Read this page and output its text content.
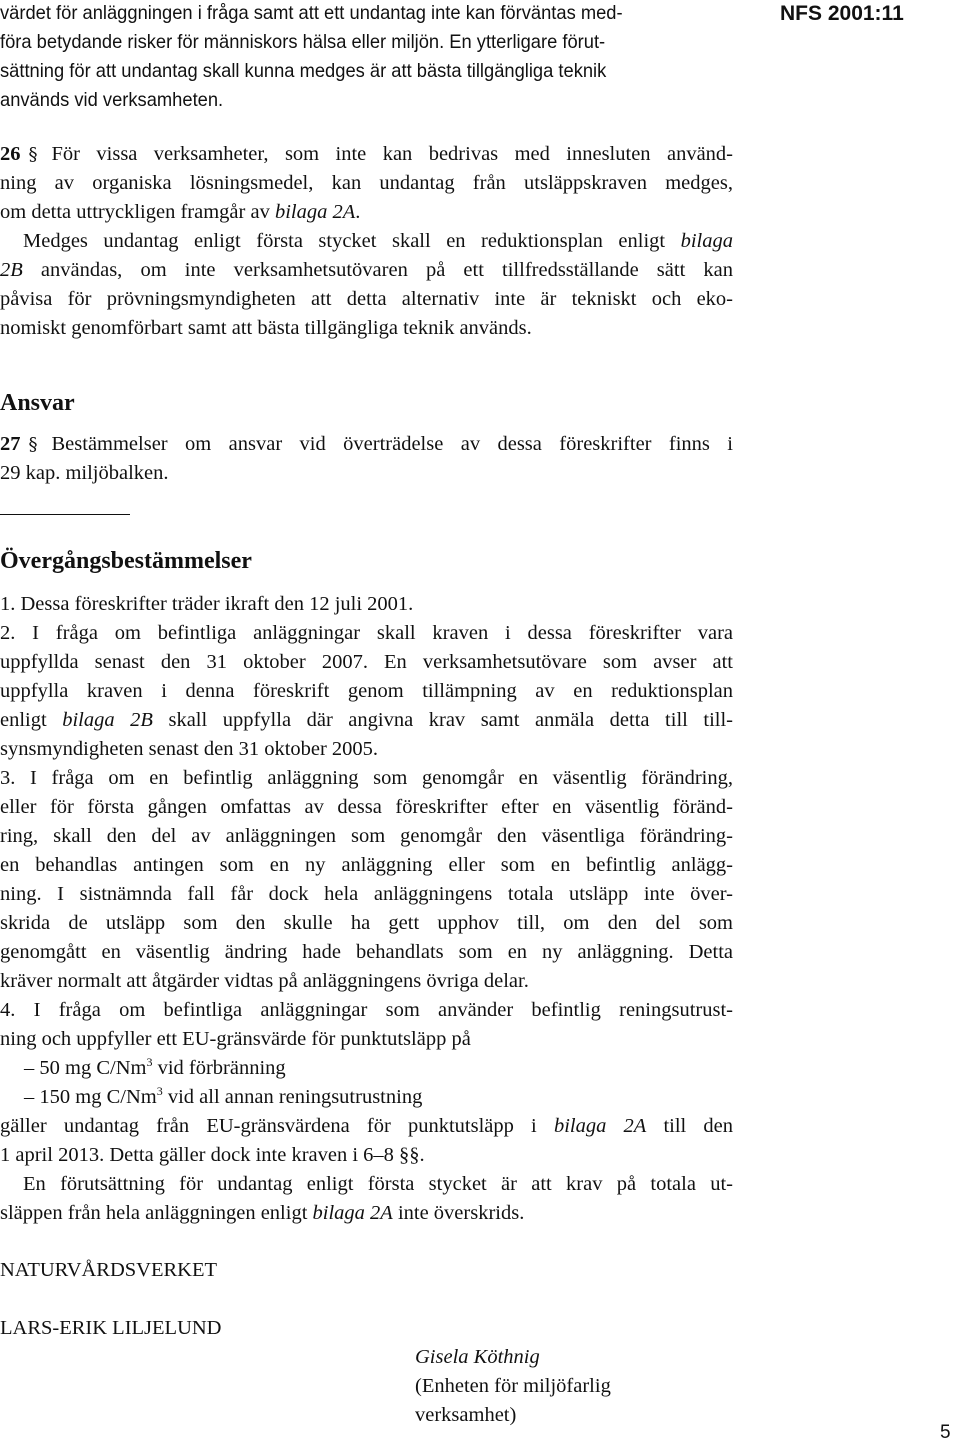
värdet för anläggningen i fråga samt att ett undantag inte kan förväntas med-
föra betydande risker för människors hälsa eller miljön. En ytterligare förut-
sättning för att undantag skall kunna medges är att bästa tillgängliga teknik
används vid verksamheten.
NFS 2001:11
26 § För vissa verksamheter, som inte kan bedrivas med innesluten använd-
ning av organiska lösningsmedel, kan undantag från utsläppskraven medges,
om detta uttryckligen framgår av bilaga 2A.
Medges undantag enligt första stycket skall en reduktionsplan enligt bilaga
2B användas, om inte verksamhetsutövaren på ett tillfredsställande sätt kan
påvisa för prövningsmyndigheten att detta alternativ inte är tekniskt och eko-
nomiskt genomförbart samt att bästa tillgängliga teknik används.
Ansvar
27 § Bestämmelser om ansvar vid överträdelse av dessa föreskrifter finns i
29 kap. miljöbalken.
Övergångsbestämmelser
1. Dessa föreskrifter träder ikraft den 12 juli 2001.
2. I fråga om befintliga anläggningar skall kraven i dessa föreskrifter vara
uppfyllda senast den 31 oktober 2007. En verksamhetsutövare som avser att
uppfylla kraven i denna föreskrift genom tillämpning av en reduktionsplan
enligt bilaga 2B skall uppfylla där angivna krav samt anmäla detta till till-
synsmyndigheten senast den 31 oktober 2005.
3. I fråga om en befintlig anläggning som genomgår en väsentlig förändring,
eller för första gången omfattas av dessa föreskrifter efter en väsentlig föränd-
ring, skall den del av anläggningen som genomgår den väsentliga förändring-
en behandlas antingen som en ny anläggning eller som en befintlig anlägg-
ning. I sistnämnda fall får dock hela anläggningens totala utsläpp inte över-
skrida de utsläpp som den skulle ha gett upphov till, om den del som
genomgått en väsentlig ändring hade behandlats som en ny anläggning. Detta
kräver normalt att åtgärder vidtas på anläggningens övriga delar.
4. I fråga om befintliga anläggningar som använder befintlig reningsutrust-
ning och uppfyller ett EU-gränsvärde för punktutsläpp på
– 50 mg C/Nm$^3$ vid förbränning
– 150 mg C/Nm$^3$ vid all annan reningsutrustning
gäller undantag från EU-gränsvärdena för punktutsläpp i bilaga 2A till den
1 april 2013. Detta gäller dock inte kraven i 6–8 §§.
En förutsättning för undantag enligt första stycket är att krav på totala ut-
släppen från hela anläggningen enligt bilaga 2A inte överskrids.
NATURVÅRDSVERKET
LARS-ERIK LILJELUND
Gisela Köthnig
(Enheten för miljöfarlig
verksamhet)
5
